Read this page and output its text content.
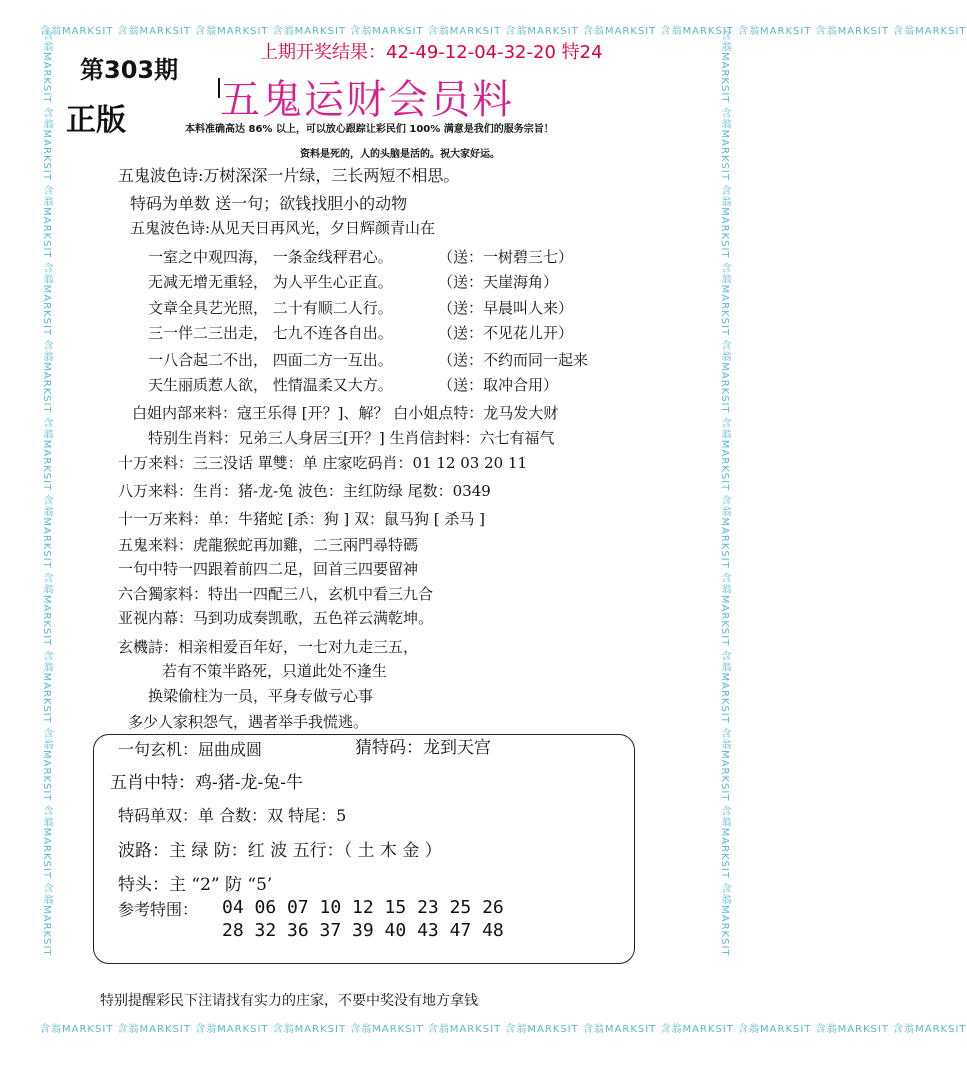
含翁MARKSIT 含翁MARKSIT 含翁MARKSIT 含翁MARKSIT 含翁MARKSIT 含翁MARKSIT 含翁MARKSIT 含翁MARKSIT 含翁MARKSIT 含翁MARKSIT 含翁MARKSIT 含翁MARKSIT
含翁MARKSIT 含翁MARKSIT 含翁MARKSIT 含翁MARKSIT 含翁MARKSIT 含翁MARKSIT 含翁MARKSIT 含翁MARKSIT 含翁MARKSIT 含翁MARKSIT 含翁MARKSIT 含翁MARKSIT
含翁MARKSIT 含翁MARKSIT 含翁MARKSIT 含翁MARKSIT 含翁MARKSIT 含翁MARKSIT 含翁MARKSIT 含翁MARKSIT 含翁MARKSIT 含翁MARKSIT 含翁MARKSIT 含翁MARKSIT	含翁MARKSIT 含翁MARKSIT 含翁MARKSIT 含翁MARKSIT 含翁MARKSIT 含翁MARKSIT 含翁MARKSIT 含翁MARKSIT 含翁MARKSIT 含翁MARKSIT 含翁MARKSIT 含翁MARKSIT
第303期
正版
上期开奖结果：42-49-12-04-32-20 特24
五鬼运财会员料
本料准确高达 86% 以上，可以放心跟踪让彩民们 100% 满意是我们的服务宗旨！
资料是死的，人的头脑是活的。祝大家好运。
五鬼波色诗:万树深深一片绿，三长两短不相思。
特码为单数 送一句；欲钱找胆小的动物
五鬼波色诗:从见天日再风光，夕日辉颜青山在
一室之中观四海， 一条金线秤君心。	（送：一树碧三七）
无减无增无重轻， 为人平生心正直。	（送：天崖海角）
文章全具艺光照， 二十有顺二人行。	（送：早晨叫人来）
三一伴二三出走， 七九不连各自出。	（送：不见花儿开）
一八合起二不出， 四面二方一互出。	（送：不约而同一起来
天生丽质惹人欲， 性情温柔又大方。	（送：取冲合用）
白姐内部来料：寇王乐得 [开？]、解？ 白小姐点特：龙马发大财
特别生肖料：兄弟三人身居三[开？] 生肖信封料：六七有福气
十万来料：三三没话 單雙：单 庄家吃码肖：01 12 03 20 11
八万来料：生肖：猪-龙-兔 波色：主红防绿 尾数：0349
十一万来料：单：牛猪蛇 [杀：狗 ] 双：鼠马狗 [ 杀马 ]
五鬼来料：虎龍猴蛇再加雞，二三兩門尋特碼
一句中特一四跟着前四二足，回首三四要留神
六合獨家料：特出一四配三八，玄机中看三九合
亚视内幕：马到功成奏凯歌，五色祥云满乾坤。
玄機詩：相亲相爱百年好，一七对九走三五，
若有不策半路死，只道此处不逢生
换梁偷柱为一员，平身专做亏心事
多少人家积怨气，遇者举手我慌逃。
一句玄机：屈曲成圆	猜特码：龙到天宫
五肖中特：鸡-猪-龙-兔-牛
特码单双：单 合数：双 特尾：5
波路：主 绿 防：红 波 五行：（ 土 木 金 ）
特头：主 “2” 防 “5’
参考特围： 04 06 07 10 12 15 23 25 26
28 32 36 37 39 40 43 47 48
特别提醒彩民下注请找有实力的庄家，不要中奖没有地方拿钱
